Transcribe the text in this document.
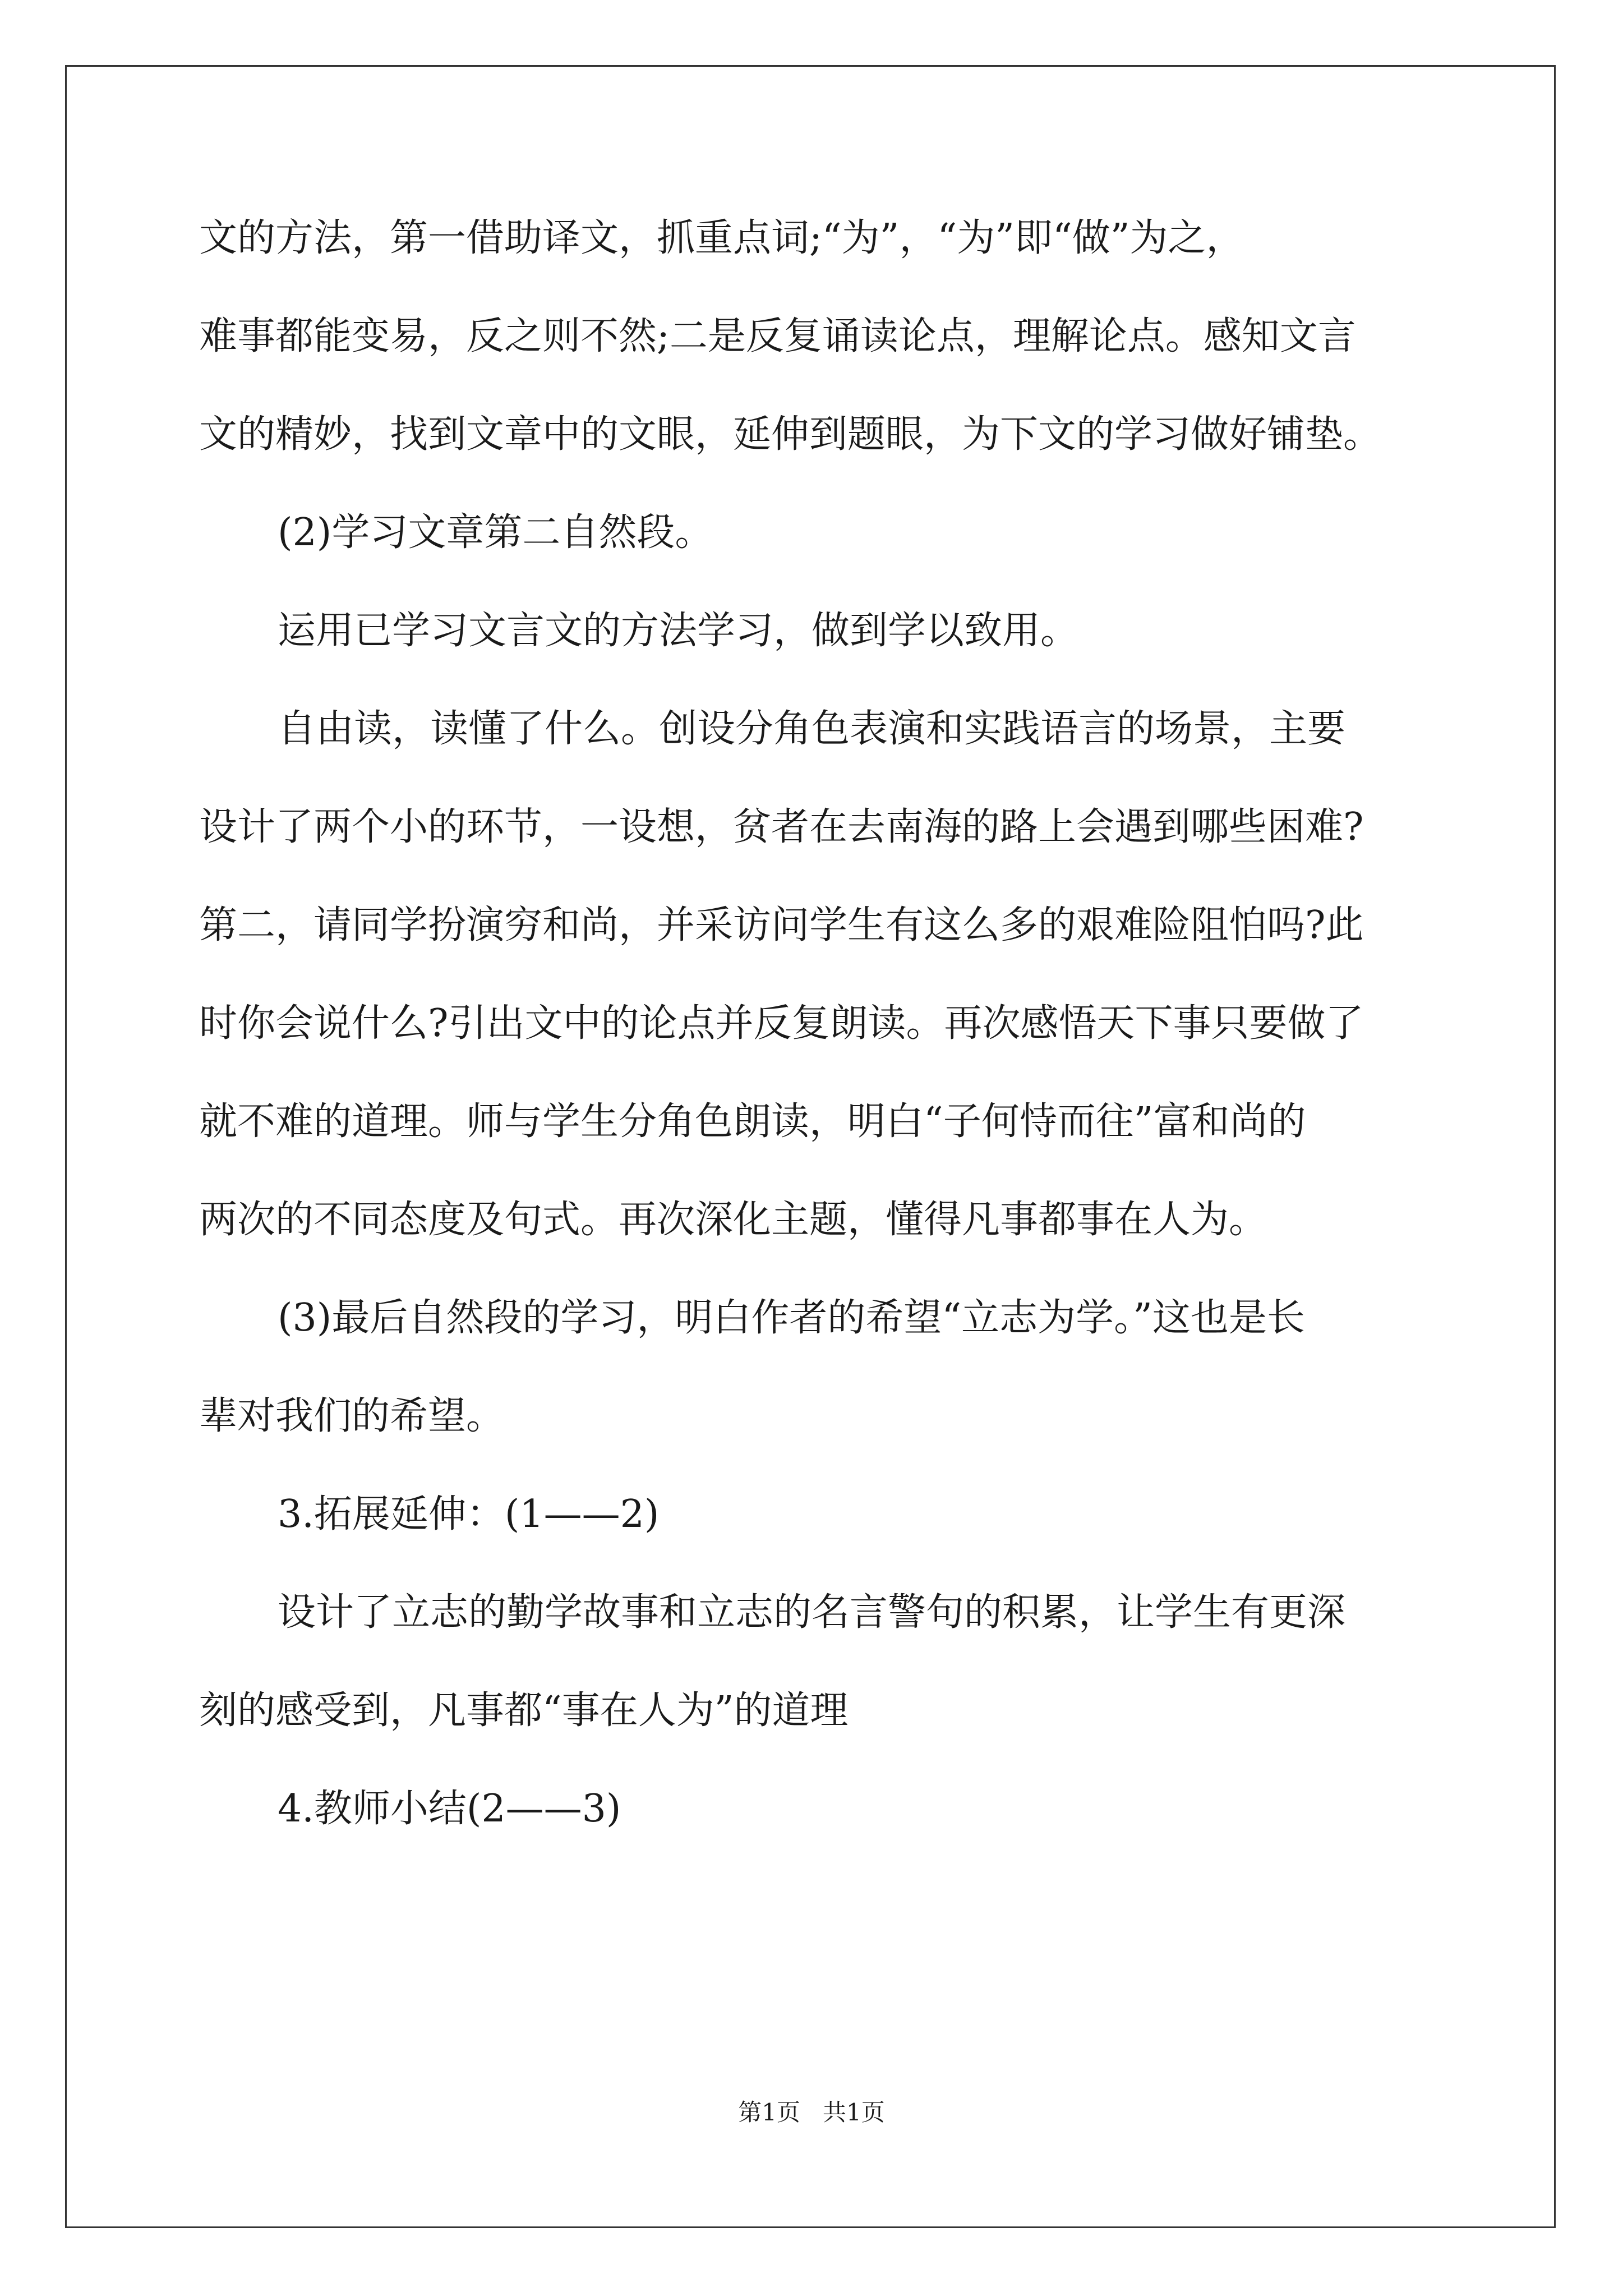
文的方法，第一借助译文，抓重点词;“为”，“为”即“做”为之，
难事都能变易，反之则不然;二是反复诵读论点，理解论点。感知文言
文的精妙，找到文章中的文眼，延伸到题眼，为下文的学习做好铺垫。
(2)学习文章第二自然段。
运用已学习文言文的方法学习，做到学以致用。
自由读，读懂了什么。创设分角色表演和实践语言的场景，主要
设计了两个小的环节，一设想，贫者在去南海的路上会遇到哪些困难?
第二，请同学扮演穷和尚，并采访问学生有这么多的艰难险阻怕吗?此
时你会说什么?引出文中的论点并反复朗读。再次感悟天下事只要做了
就不难的道理。师与学生分角色朗读，明白“子何恃而往”富和尚的
两次的不同态度及句式。再次深化主题，懂得凡事都事在人为。
(3)最后自然段的学习，明白作者的希望“立志为学。”这也是长
辈对我们的希望。
3.拓展延伸：(1——2)
设计了立志的勤学故事和立志的名言警句的积累，让学生有更深
刻的感受到，凡事都“事在人为”的道理
4.教师小结(2——3)
第1页   共1页
